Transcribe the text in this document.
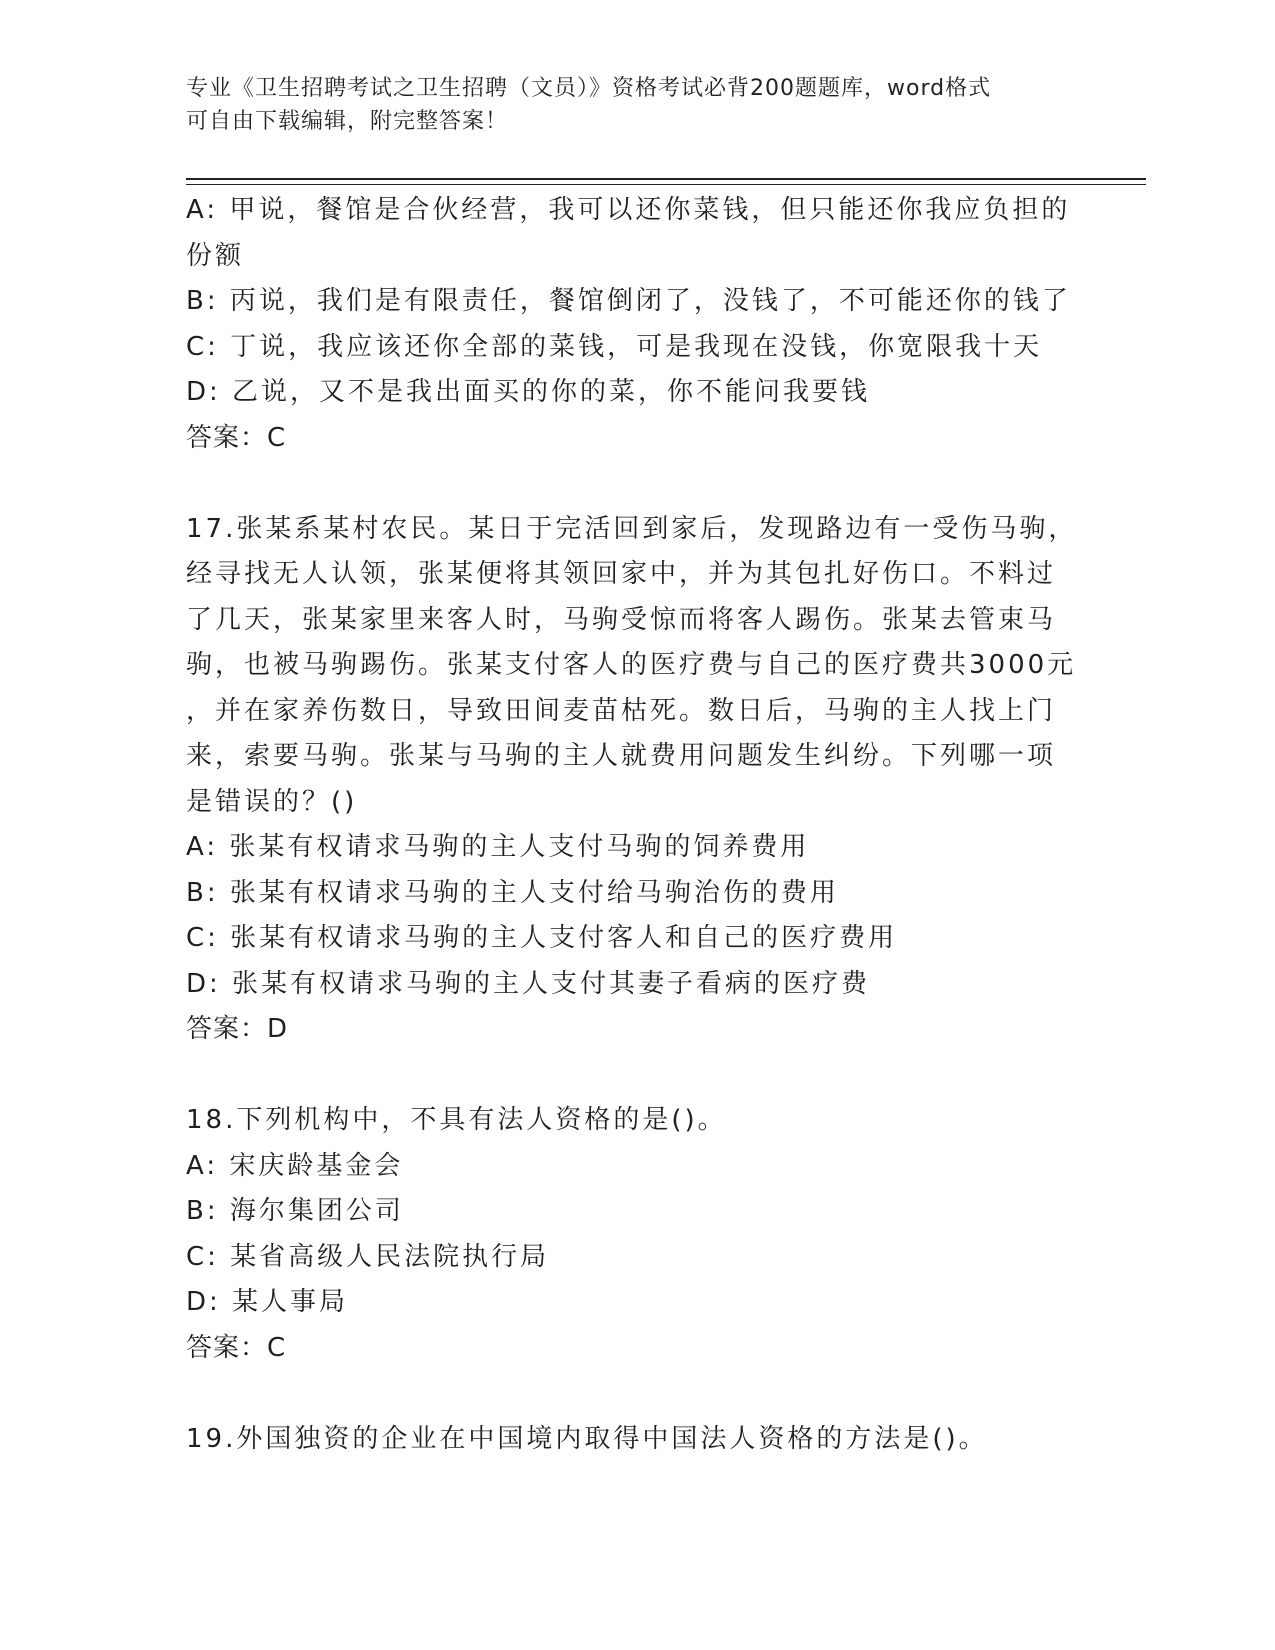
专业《卫生招聘考试之卫生招聘（文员）》资格考试必背200题题库，word格式
可自由下载编辑，附完整答案！
A: 甲说，餐馆是合伙经营，我可以还你菜钱，但只能还你我应负担的
份额
B: 丙说，我们是有限责任，餐馆倒闭了，没钱了，不可能还你的钱了
C: 丁说，我应该还你全部的菜钱，可是我现在没钱，你宽限我十天
D: 乙说，又不是我出面买的你的菜，你不能问我要钱
答案：C
17.张某系某村农民。某日于完活回到家后，发现路边有一受伤马驹，
经寻找无人认领，张某便将其领回家中，并为其包扎好伤口。不料过
了几天，张某家里来客人时，马驹受惊而将客人踢伤。张某去管束马
驹，也被马驹踢伤。张某支付客人的医疗费与自己的医疗费共3000元
，并在家养伤数日，导致田间麦苗枯死。数日后，马驹的主人找上门
来，索要马驹。张某与马驹的主人就费用问题发生纠纷。下列哪一项
是错误的？()
A: 张某有权请求马驹的主人支付马驹的饲养费用
B: 张某有权请求马驹的主人支付给马驹治伤的费用
C: 张某有权请求马驹的主人支付客人和自己的医疗费用
D: 张某有权请求马驹的主人支付其妻子看病的医疗费
答案：D
18.下列机构中，不具有法人资格的是()。
A: 宋庆龄基金会
B: 海尔集团公司
C: 某省高级人民法院执行局
D: 某人事局
答案：C
19.外国独资的企业在中国境内取得中国法人资格的方法是()。
